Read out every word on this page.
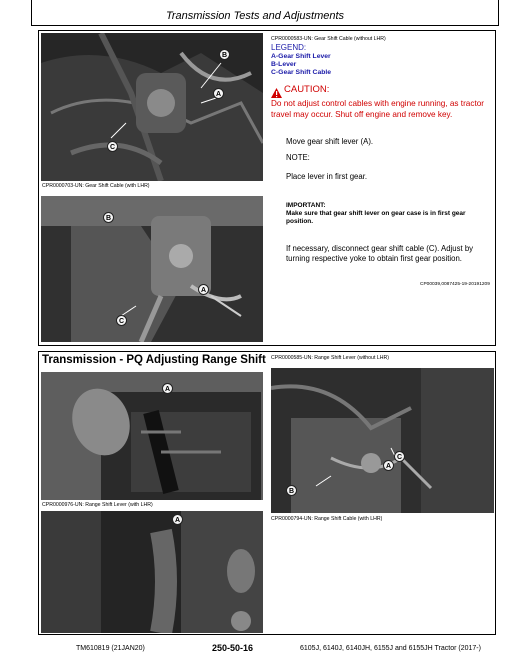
Transmission Tests and Adjustments
B
A
C
CPR0000703-UN: Gear Shift Cable (with LHR)
B
A
C
CPR0000583-UN: Gear Shift Cable (without LHR)
LEGEND:
A-Gear Shift Lever
B-Lever
C-Gear Shift Cable
CAUTION:
Do not adjust control cables with engine running, as tractor travel may occur. Shut off engine and remove key.
Move gear shift lever (A).
NOTE:
Place lever in first gear.
IMPORTANT:
Make sure that gear shift lever on gear case is in first gear position.
If necessary, disconnect gear shift cable (C). Adjust by turning respective yoke to obtain first gear position.
CP00039,0087425-19-20191209
Transmission - PQ Adjusting Range Shift
A
CPR0000976-UN: Range Shift Lever (with LHR)
A
CPR0000585-UN: Range Shift Lever (without LHR)
C
A
B
CPR0000794-UN: Range Shift Cable (with LHR)
TM610819 (21JAN20)	250-50-16	6105J, 6140J, 6140JH, 6155J and 6155JH Tractor (2017-)
